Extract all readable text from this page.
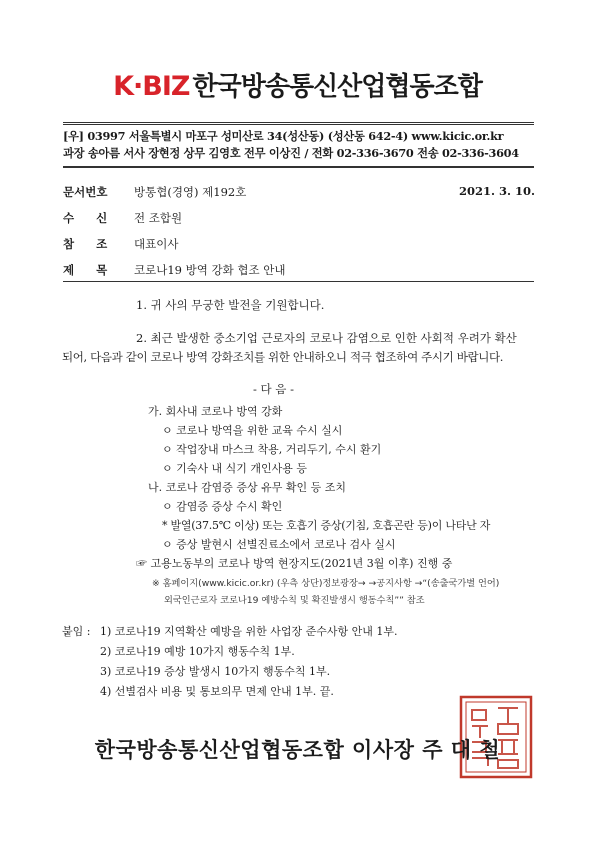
K·BIZ 한국방송통신산업협동조합
[우] 03997 서울특별시 마포구 성미산로 34(성산동) (성산동 642-4) www.kicic.or.kr
과장 송아름 서사 장현정 상무 김영호 전무 이상진 / 전화 02-336-3670 전송 02-336-3604
문서번호 방통협(경영) 제192호	2021. 3. 10.
수 신 전 조합원
참 조 대표이사
제 목 코로나19 방역 강화 협조 안내
1. 귀 사의 무궁한 발전을 기원합니다.
2. 최근 발생한 중소기업 근로자의 코로나 감염으로 인한 사회적 우려가 확산
되어, 다음과 같이 코로나 방역 강화조치를 위한 안내하오니 적극 협조하여 주시기 바랍니다.
- 다 음 -
가. 회사내 코로나 방역 강화
ㅇ 코로나 방역을 위한 교육 수시 실시
ㅇ 작업장내 마스크 착용, 거리두기, 수시 환기
ㅇ 기숙사 내 식기 개인사용 등
나. 코로나 감염증 증상 유무 확인 등 조치
ㅇ 감염증 증상 수시 확인
* 발열(37.5℃ 이상) 또는 호흡기 증상(기침, 호흡곤란 등)이 나타난 자
ㅇ 증상 발현시 선별진료소에서 코로나 검사 실시
☞ 고용노동부의 코로나 방역 현장지도(2021년 3월 이후) 진행 중
※ 홈페이지(www.kicic.or.kr) (우측 상단)정보광장→ →공지사항 →“(송출국가별 언어)
외국인근로자 코로나19 예방수칙 및 확진발생시 행동수칙”” 참조
붙임 : 1) 코로나19 지역확산 예방을 위한 사업장 준수사항 안내 1부.
2) 코로나19 예방 10가지 행동수칙 1부.
3) 코로나19 증상 발생시 10가지 행동수칙 1부.
4) 선별검사 비용 및 통보의무 면제 안내 1부. 끝.
한국방송통신산업협동조합 이사장 주 대 철
